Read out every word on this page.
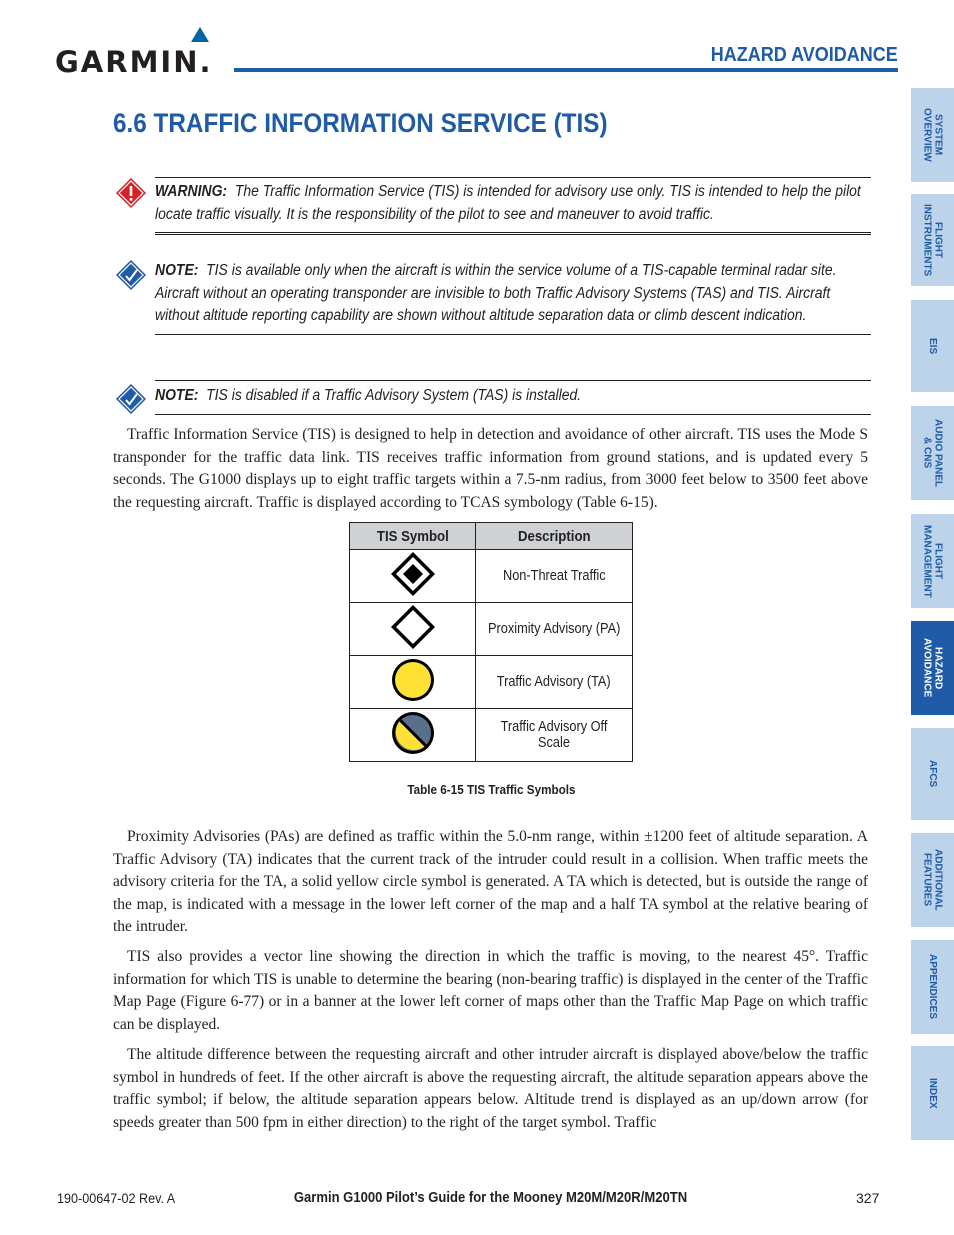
GARMIN.	HAZARD AVOIDANCE
6.6 TRAFFIC INFORMATION SERVICE (TIS)	SYSTEM
OVERVIEW
FLIGHT
INSTRUMENTS
EIS
AUDIO PANEL
& CNS
FLIGHT
MANAGEMENT
HAZARD
AVOIDANCE
AFCS
ADDITIONAL
FEATURES
APPENDICES
INDEX
WARNING: The Traffic Information Service (TIS) is intended for advisory use only. TIS is intended to help the pilot locate traffic visually. It is the responsibility of the pilot to see and maneuver to avoid traffic.
NOTE: TIS is available only when the aircraft is within the service volume of a TIS-capable terminal radar site. Aircraft without an operating transponder are invisible to both Traffic Advisory Systems (TAS) and TIS. Aircraft without altitude reporting capability are shown without altitude separation data or climb descent indication.
NOTE: TIS is disabled if a Traffic Advisory System (TAS) is installed.

Traffic Information Service (TIS) is designed to help in detection and avoidance of other aircraft. TIS uses the Mode S transponder for the traffic data link. TIS receives traffic information from ground stations, and is updated every 5 seconds. The G1000 displays up to eight traffic targets within a 7.5-nm radius, from 3000 feet below to 3500 feet above the requesting aircraft. Traffic is displayed according to TCAS symbology (Table 6-15).

TIS Symbol	Description
	Non-Threat Traffic
	Proximity Advisory (PA)
	Traffic Advisory (TA)
	Traffic Advisory Off Scale
Table 6-15 TIS Traffic Symbols

Proximity Advisories (PAs) are defined as traffic within the 5.0-nm range, within ±1200 feet of altitude separation. A Traffic Advisory (TA) indicates that the current track of the intruder could result in a collision. When traffic meets the advisory criteria for the TA, a solid yellow circle symbol is generated. A TA which is detected, but is outside the range of the map, is indicated with a message in the lower left corner of the map and a half TA symbol at the relative bearing of the intruder.

TIS also provides a vector line showing the direction in which the traffic is moving, to the nearest 45°. Traffic information for which TIS is unable to determine the bearing (non-bearing traffic) is displayed in the center of the Traffic Map Page (Figure 6-77) or in a banner at the lower left corner of maps other than the Traffic Map Page on which traffic can be displayed.

The altitude difference between the requesting aircraft and other intruder aircraft is displayed above/below the traffic symbol in hundreds of feet. If the other aircraft is above the requesting aircraft, the altitude separation appears above the traffic symbol; if below, the altitude separation appears below. Altitude trend is displayed as an up/down arrow (for speeds greater than 500 fpm in either direction) to the right of the target symbol. Traffic

190-00647-02 Rev. A	Garmin G1000 Pilot’s Guide for the Mooney M20M/M20R/M20TN	327
